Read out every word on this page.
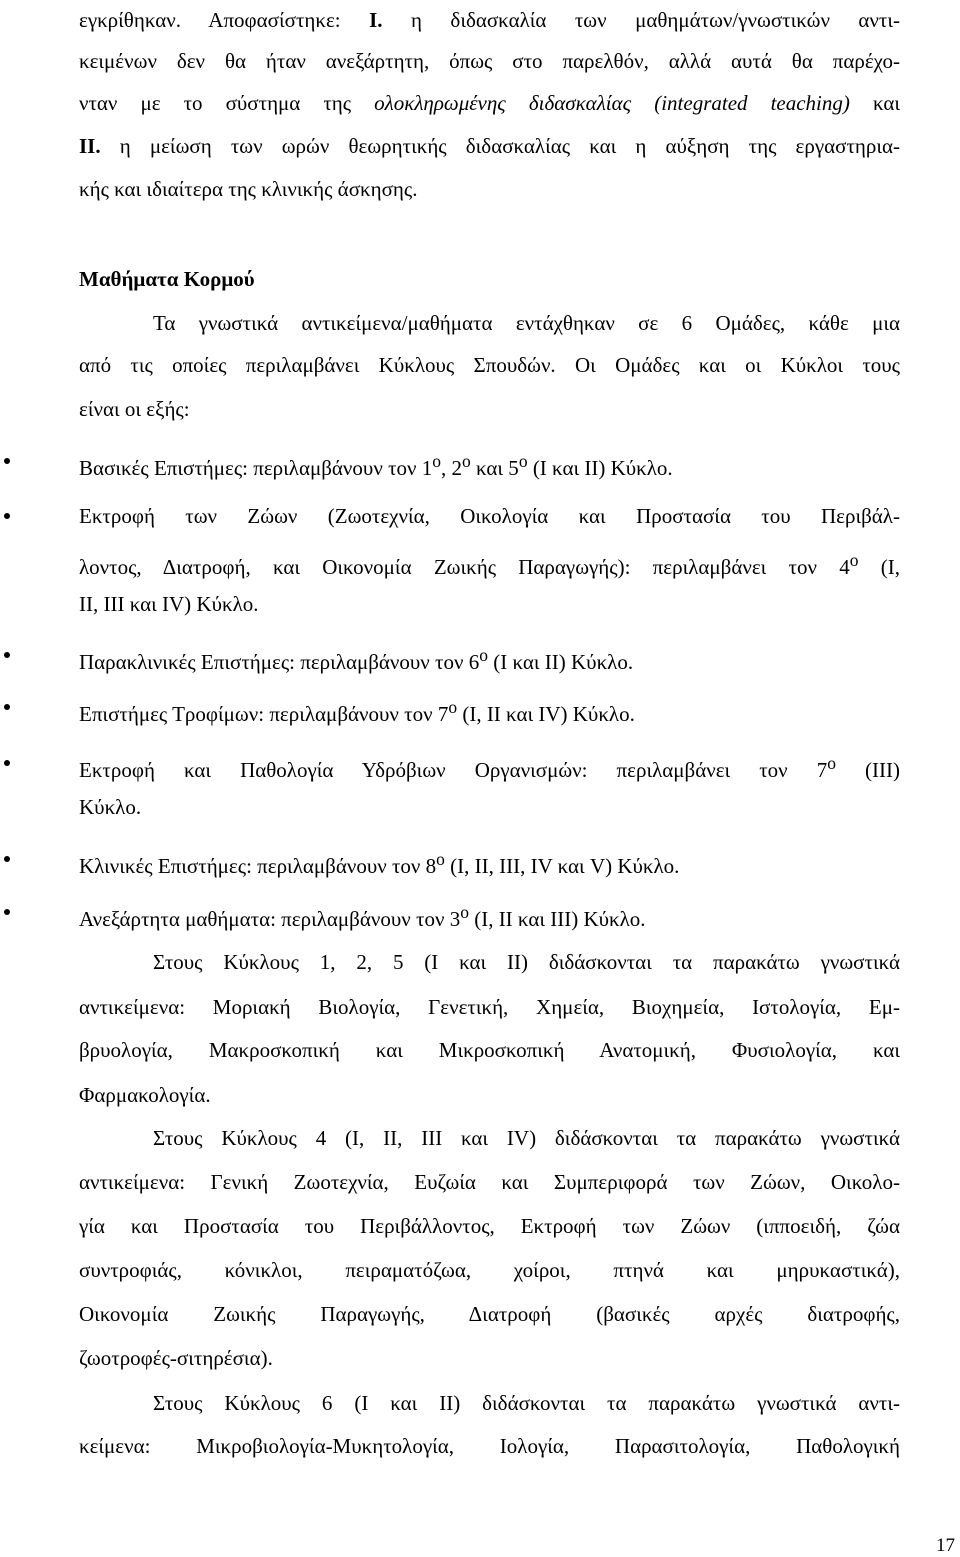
εγκρίθηκαν. Αποφασίστηκε: I. η διδασκαλία των μαθημάτων/γνωστικών αντι-
κειμένων δεν θα ήταν ανεξάρτητη, όπως στο παρελθόν, αλλά αυτά θα παρέχο-
νταν με το σύστημα της ολοκληρωμένης διδασκαλίας (integrated teaching) και
II. η μείωση των ωρών θεωρητικής διδασκαλίας και η αύξηση της εργαστηρια-
κής και ιδιαίτερα της κλινικής άσκησης.
Μαθήματα Κορμού
Τα γνωστικά αντικείμενα/μαθήματα εντάχθηκαν σε 6 Ομάδες, κάθε μια
από τις οποίες περιλαμβάνει Κύκλους Σπουδών. Οι Ομάδες και οι Κύκλοι τους
είναι οι εξής:
Βασικές Επιστήμες: περιλαμβάνουν τον $1^o$, $2^o$ και $5^o$ (I και II) Κύκλο.
Εκτροφή των Ζώων (Ζωοτεχνία, Οικολογία και Προστασία του Περιβάλ-
λοντος, Διατροφή, και Οικονομία Ζωικής Παραγωγής): περιλαμβάνει τον $4^o$ (I,
II, III και IV) Κύκλο.
Παρακλινικές Επιστήμες: περιλαμβάνουν τον $6^o$ (I και II) Κύκλο.
Επιστήμες Τροφίμων: περιλαμβάνουν τον $7^o$ (I, II και IV) Κύκλο.
Εκτροφή και Παθολογία Υδρόβιων Οργανισμών: περιλαμβάνει τον $7^o$ (III)
Κύκλο.
Κλινικές Επιστήμες: περιλαμβάνουν τον $8^o$ (I, II, III, IV και V) Κύκλο.
Ανεξάρτητα μαθήματα: περιλαμβάνουν τον $3^o$ (I, II και III) Κύκλο.
Στους Κύκλους 1, 2, 5 (I και II) διδάσκονται τα παρακάτω γνωστικά
αντικείμενα: Μοριακή Βιολογία, Γενετική, Χημεία, Βιοχημεία, Ιστολογία, Εμ-
βρυολογία, Μακροσκοπική και Μικροσκοπική Ανατομική, Φυσιολογία, και
Φαρμακολογία.
Στους Κύκλους 4 (I, II, III και IV) διδάσκονται τα παρακάτω γνωστικά
αντικείμενα: Γενική Ζωοτεχνία, Ευζωία και Συμπεριφορά των Ζώων, Οικολο-
γία και Προστασία του Περιβάλλοντος, Εκτροφή των Ζώων (ιπποειδή, ζώα
συντροφιάς, κόνικλοι, πειραματόζωα, χοίροι, πτηνά και μηρυκαστικά),
Οικονομία Ζωικής Παραγωγής, Διατροφή (βασικές αρχές διατροφής,
ζωοτροφές-σιτηρέσια).
Στους Κύκλους 6 (I και II) διδάσκονται τα παρακάτω γνωστικά αντι-
κείμενα: Μικροβιολογία-Μυκητολογία, Ιολογία, Παρασιτολογία, Παθολογική
17
